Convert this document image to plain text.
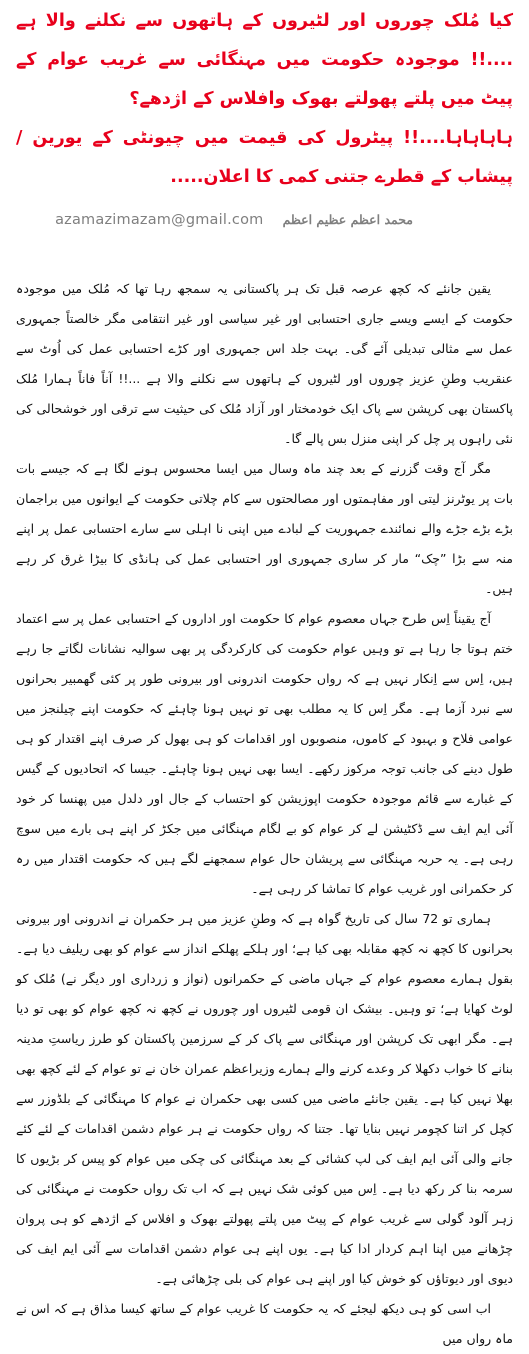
کیا مُلک چوروں اور لٹیروں کے ہاتھوں سے نکلنے والا ہے ....!! موجودہ حکومت میں مہنگائی سے غریب عوام کے پیٹ میں پلتے پھولتے بھوک وافلاس کے اژدھے؟
ہاہاہاہا....!! پیٹرول کی قیمت میں چیونٹی کے یورین / پیشاب کے قطرے جتنی کمی کا اعلان.....
azamazimazam@gmail.com محمد اعظم عظیم اعظم

یقین جانئے کہ کچھ عرصہ قبل تک ہر پاکستانی یہ سمجھ رہا تھا کہ مُلک میں موجودہ حکومت کے ایسے ویسے جاری احتسابی اور غیر سیاسی اور غیر انتقامی مگر خالصتاً جمہوری عمل سے مثالی تبدیلی آئے گی۔ بہت جلد اس جمہوری اور کڑے احتسابی عمل کی اُوٹ سے عنقریب وطنِ عزیز چوروں اور لٹیروں کے ہاتھوں سے نکلنے والا ہے ...!! آناً فاناً ہمارا مُلک پاکستان بھی کرپشن سے پاک ایک خودمختار اور آزاد مُلک کی حیثیت سے ترقی اور خوشحالی کی نئی راہوں پر چل کر اپنی منزل بس پالے گا۔

مگر آج وقت گزرنے کے بعد چند ماہ وسال میں ایسا محسوس ہونے لگا ہے کہ جیسے بات بات پر یوٹرنز لیتی اور مفاہمتوں اور مصالحتوں سے کام چلاتی حکومت کے ایوانوں میں براجمان بڑے بڑے جڑے والے نمائندے جمہوریت کے لبادے میں اپنی نا اہلی سے سارے احتسابی عمل پر اپنے منہ سے بڑا ”چک“ مار کر ساری جمہوری اور احتسابی عمل کی ہانڈی کا بیڑا غرق کر رہے ہیں۔

آج یقیناً اِس طرح جہاں معصوم عوام کا حکومت اور اداروں کے احتسابی عمل پر سے اعتماد ختم ہوتا جا رہا ہے تو وہیں عوام حکومت کی کارکردگی پر بھی سوالیہ نشانات لگاتے جا رہے ہیں، اِس سے اِنکار نہیں ہے کہ رواں حکومت اندرونی اور بیرونی طور پر کئی گھمبیر بحرانوں سے نبرد آزما ہے۔ مگر اِس کا یہ مطلب بھی تو نہیں ہونا چاہئے کہ حکومت اپنے چیلنجز میں عوامی فلاح و بہبود کے کاموں، منصوبوں اور اقدامات کو ہی بھول کر صرف اپنے اقتدار کو ہی طول دینے کی جانب توجہ مرکوز رکھے۔ ایسا بھی نہیں ہونا چاہئے۔ جیسا کہ اتحادیوں کے گیس کے غبارے سے قائم موجودہ حکومت اپوزیشن کو احتساب کے جال اور دلدل میں پھنسا کر خود آئی ایم ایف سے ڈکٹیشن لے کر عوام کو بے لگام مہنگائی میں جکڑ کر اپنے ہی بارے میں سوچ رہی ہے۔ یہ حربہ مہنگائی سے پریشان حال عوام سمجھنے لگے ہیں کہ حکومت اقتدار میں رہ کر حکمرانی اور غریب عوام کا تماشا کر رہی ہے۔

ہماری تو 72 سال کی تاریخ گواہ ہے کہ وطنِ عزیز میں ہر حکمران نے اندرونی اور بیرونی بحرانوں کا کچھ نہ کچھ مقابلہ بھی کیا ہے؛ اور ہلکے پھلکے انداز سے عوام کو بھی ریلیف دیا ہے۔ بقول ہمارے معصوم عوام کے جہاں ماضی کے حکمرانوں (نواز و زرداری اور دیگر نے) مُلک کو لوٹ کھایا ہے؛ تو وہیں۔ بیشک ان قومی لٹیروں اور چوروں نے کچھ نہ کچھ عوام کو بھی تو دیا ہے۔ مگر ابھی تک کرپشن اور مہنگائی سے پاک کر کے سرزمین پاکستان کو طرز ریاستِ مدینہ بنانے کا خواب دکھلا کر وعدے کرنے والے ہمارے وزیراعظم عمران خان نے تو عوام کے لئے کچھ بھی بھلا نہیں کیا ہے۔ یقین جانئے ماضی میں کسی بھی حکمران نے عوام کا مہنگائی کے بلڈوزر سے کچل کر اتنا کچومر نہیں بنایا تھا۔ جتنا کہ رواں حکومت نے ہر عوام دشمن اقدامات کے لئے کئے جانے والی آئی ایم ایف کی لپ کشائی کے بعد مہنگائی کی چکی میں عوام کو پیس کر بڑیوں کا سرمہ بنا کر رکھ دیا ہے۔ اِس میں کوئی شک نہیں ہے کہ اب تک رواں حکومت نے مہنگائی کی زہر آلود گولی سے غریب عوام کے پیٹ میں پلتے پھولتے بھوک و افلاس کے اژدھے کو ہی پروان چڑھانے میں اپنا اہم کردار ادا کیا ہے۔ یوں اپنے ہی عوام دشمن اقدامات سے آئی ایم ایف کی دیوی اور دیوتاؤں کو خوش کیا اور اپنے ہی عوام کی بلی چڑھائی ہے۔

اب اسی کو ہی دیکھ لیجئے کہ یہ حکومت کا غریب عوام کے ساتھ کیسا مذاق ہے کہ اس نے ماہ رواں میں
